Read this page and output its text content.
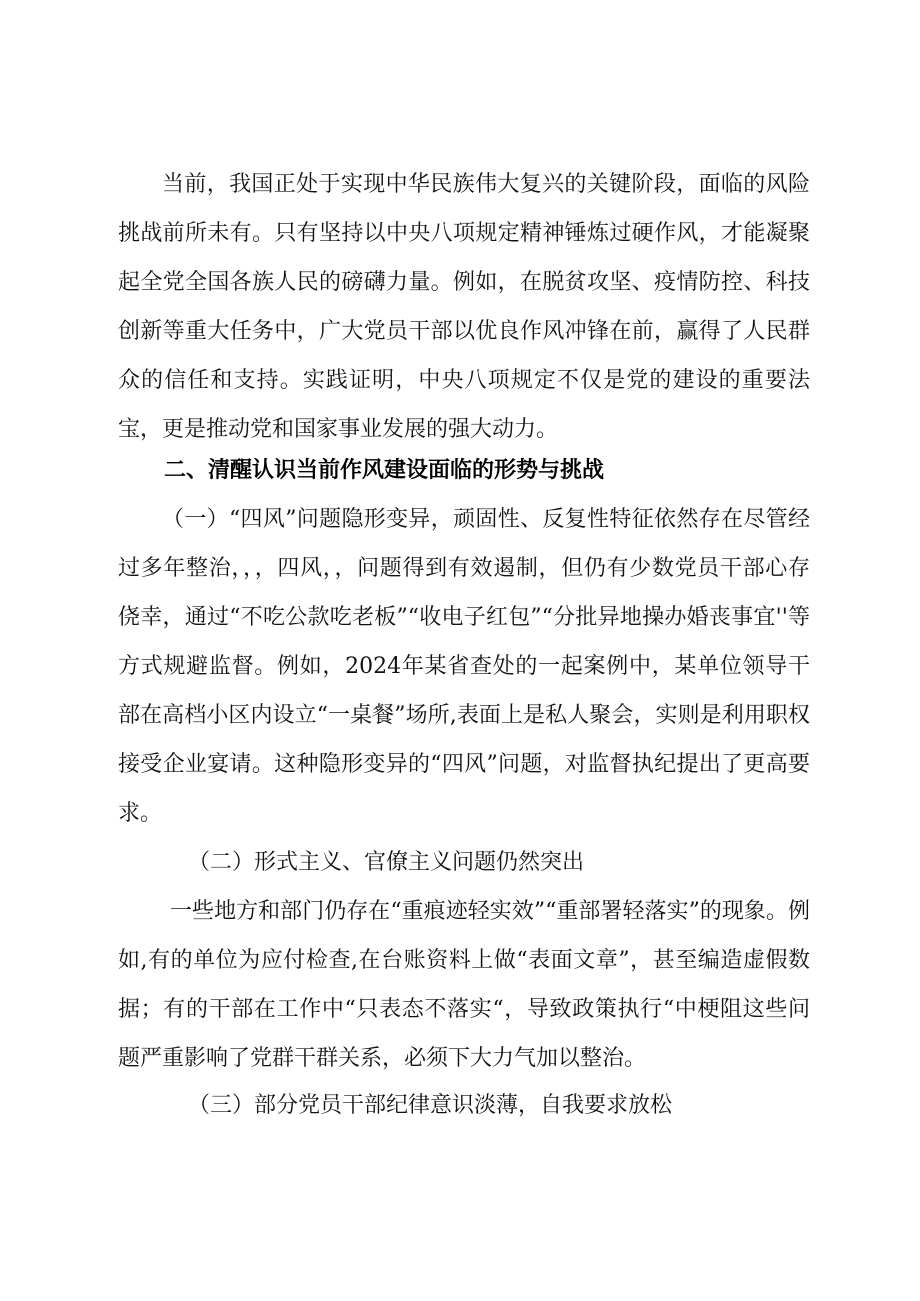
当前，我国正处于实现中华民族伟大复兴的关键阶段，面临的风险挑战前所未有。只有坚持以中央八项规定精神锤炼过硬作风，才能凝聚起全党全国各族人民的磅礴力量。例如，在脱贫攻坚、疫情防控、科技创新等重大任务中，广大党员干部以优良作风冲锋在前，赢得了人民群众的信任和支持。实践证明，中央八项规定不仅是党的建设的重要法宝，更是推动党和国家事业发展的强大动力。

二、清醒认识当前作风建设面临的形势与挑战

（一）“四风”问题隐形变异，顽固性、反复性特征依然存在尽管经过多年整治，，，四风，，问题得到有效遏制，但仍有少数党员干部心存侥幸，通过“不吃公款吃老板”“收电子红包”“分批异地操办婚丧事宜''等方式规避监督。例如，2024年某省查处的一起案例中，某单位领导干部在高档小区内设立“一桌餐”场所,表面上是私人聚会，实则是利用职权接受企业宴请。这种隐形变异的“四风”问题，对监督执纪提出了更高要求。

（二）形式主义、官僚主义问题仍然突出

一些地方和部门仍存在“重痕迹轻实效”“重部署轻落实”的现象。例如,有的单位为应付检查,在台账资料上做“表面文章”，甚至编造虚假数据；有的干部在工作中“只表态不落实“，导致政策执行“中梗阻这些问题严重影响了党群干群关系，必须下大力气加以整治。

（三）部分党员干部纪律意识淡薄，自我要求放松
